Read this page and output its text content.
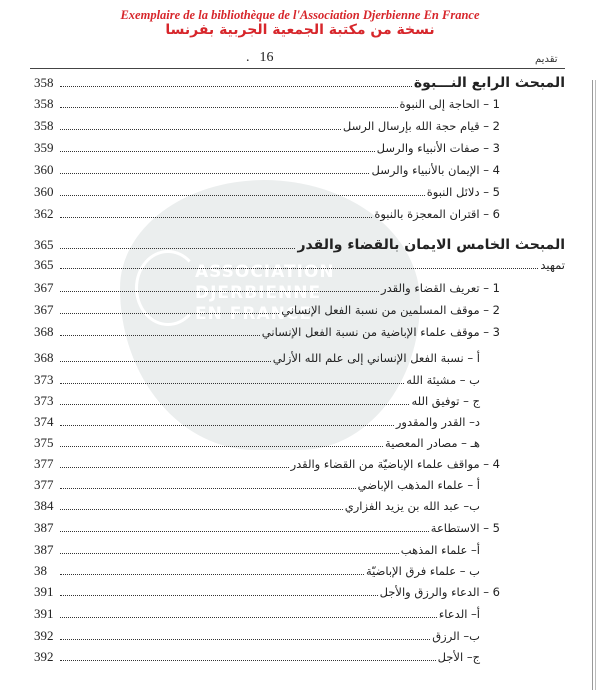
Exemplaire de la bibliothèque de l'Association Djerbienne En France
نسخة من مكتبة الجمعية الجربية بفرنسا
. 16	تقديم
ASSOCIATION
DJERBIENNE
EN FRANCE
358	المبحث الرابع النـــبوة
358	1 – الحاجة إلى النبوة
358	2 – قيام حجة الله بإرسال الرسل
359	3 – صفات الأنبياء والرسل
360	4 – الإيمان بالأنبياء والرسل
360	5 – دلائل النبوة
362	6 – اقتران المعجزة بالنبوة
365	المبحث الخامس الايمان بالقضاء والقدر
365	تمهيد
367	1 – تعريف القضاء والقدر
367	2 – موقف المسلمين من نسبة الفعل الإنساني
368	3 – موقف علماء الإباضية من نسبة الفعل الإنساني
368	أ – نسبة الفعل الإنساني إلى علم الله الأزلي
373	ب – مشيئة الله
373	ج – توفيق الله
374	د– القدر والمقدور
375	هـ – مصادر المعصية
377	4 – مواقف علماء الإباضيّة من القضاء والقدر
377	أ – علماء المذهب الإباضي
384	ب– عبد الله بن يزيد الفزاري
387	5 – الاستطاعة
387	أ– علماء المذهب
38	ب – علماء فرق الإباضيّة
391	6 – الدعاء والرزق والأجل
391	أ– الدعاء
392	ب– الرزق
392	ج– الأجل
